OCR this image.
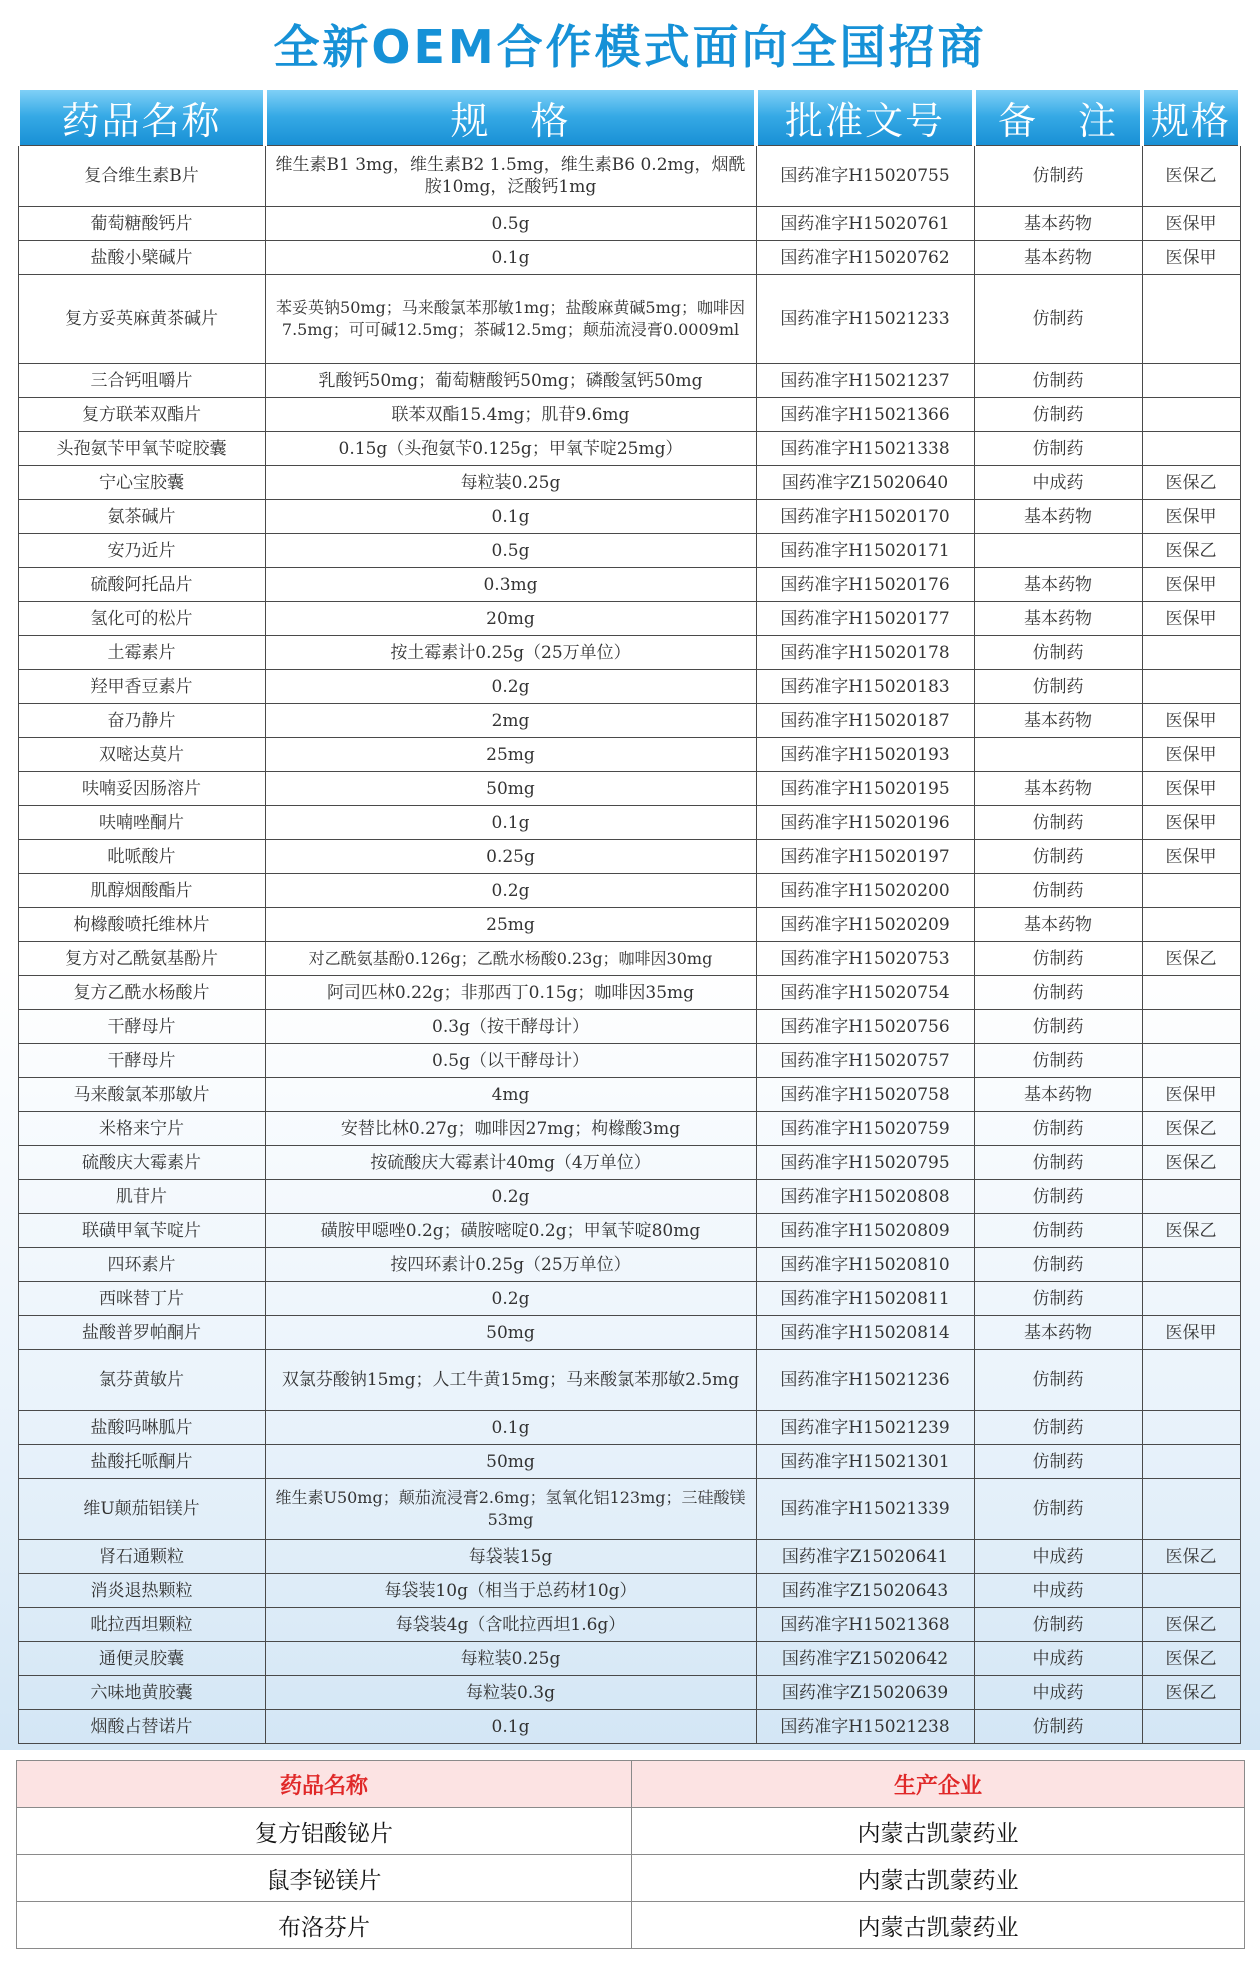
全新OEM合作模式面向全国招商
药品名称	规　格	批准文号	备　注	规格
复合维生素B片	维生素B1 3mg，维生素B2 1.5mg，维生素B6 0.2mg，烟酰胺10mg，泛酸钙1mg	国药准字H15020755	仿制药	医保乙
葡萄糖酸钙片	0.5g	国药准字H15020761	基本药物	医保甲
盐酸小檗碱片	0.1g	国药准字H15020762	基本药物	医保甲
复方妥英麻黄茶碱片	苯妥英钠50mg；马来酸氯苯那敏1mg；盐酸麻黄碱5mg；咖啡因7.5mg；可可碱12.5mg；茶碱12.5mg；颠茄流浸膏0.0009ml	国药准字H15021233	仿制药	
三合钙咀嚼片	乳酸钙50mg；葡萄糖酸钙50mg；磷酸氢钙50mg	国药准字H15021237	仿制药	
复方联苯双酯片	联苯双酯15.4mg；肌苷9.6mg	国药准字H15021366	仿制药	
头孢氨苄甲氧苄啶胶囊	0.15g（头孢氨苄0.125g；甲氧苄啶25mg）	国药准字H15021338	仿制药	
宁心宝胶囊	每粒装0.25g	国药准字Z15020640	中成药	医保乙
氨茶碱片	0.1g	国药准字H15020170	基本药物	医保甲
安乃近片	0.5g	国药准字H15020171		医保乙
硫酸阿托品片	0.3mg	国药准字H15020176	基本药物	医保甲
氢化可的松片	20mg	国药准字H15020177	基本药物	医保甲
土霉素片	按土霉素计0.25g（25万单位）	国药准字H15020178	仿制药	
羟甲香豆素片	0.2g	国药准字H15020183	仿制药	
奋乃静片	2mg	国药准字H15020187	基本药物	医保甲
双嘧达莫片	25mg	国药准字H15020193		医保甲
呋喃妥因肠溶片	50mg	国药准字H15020195	基本药物	医保甲
呋喃唑酮片	0.1g	国药准字H15020196	仿制药	医保甲
吡哌酸片	0.25g	国药准字H15020197	仿制药	医保甲
肌醇烟酸酯片	0.2g	国药准字H15020200	仿制药	
枸橼酸喷托维林片	25mg	国药准字H15020209	基本药物	
复方对乙酰氨基酚片	对乙酰氨基酚0.126g；乙酰水杨酸0.23g；咖啡因30mg	国药准字H15020753	仿制药	医保乙
复方乙酰水杨酸片	阿司匹林0.22g；非那西丁0.15g；咖啡因35mg	国药准字H15020754	仿制药	
干酵母片	0.3g（按干酵母计）	国药准字H15020756	仿制药	
干酵母片	0.5g（以干酵母计）	国药准字H15020757	仿制药	
马来酸氯苯那敏片	4mg	国药准字H15020758	基本药物	医保甲
米格来宁片	安替比林0.27g；咖啡因27mg；枸橼酸3mg	国药准字H15020759	仿制药	医保乙
硫酸庆大霉素片	按硫酸庆大霉素计40mg（4万单位）	国药准字H15020795	仿制药	医保乙
肌苷片	0.2g	国药准字H15020808	仿制药	
联磺甲氧苄啶片	磺胺甲噁唑0.2g；磺胺嘧啶0.2g；甲氧苄啶80mg	国药准字H15020809	仿制药	医保乙
四环素片	按四环素计0.25g（25万单位）	国药准字H15020810	仿制药	
西咪替丁片	0.2g	国药准字H15020811	仿制药	
盐酸普罗帕酮片	50mg	国药准字H15020814	基本药物	医保甲
氯芬黄敏片	双氯芬酸钠15mg；人工牛黄15mg；马来酸氯苯那敏2.5mg	国药准字H15021236	仿制药	
盐酸吗啉胍片	0.1g	国药准字H15021239	仿制药	
盐酸托哌酮片	50mg	国药准字H15021301	仿制药	
维U颠茄铝镁片	维生素U50mg；颠茄流浸膏2.6mg；氢氧化铝123mg；三硅酸镁53mg	国药准字H15021339	仿制药	
肾石通颗粒	每袋装15g	国药准字Z15020641	中成药	医保乙
消炎退热颗粒	每袋装10g（相当于总药材10g）	国药准字Z15020643	中成药	
吡拉西坦颗粒	每袋装4g（含吡拉西坦1.6g）	国药准字H15021368	仿制药	医保乙
通便灵胶囊	每粒装0.25g	国药准字Z15020642	中成药	医保乙
六味地黄胶囊	每粒装0.3g	国药准字Z15020639	中成药	医保乙
烟酸占替诺片	0.1g	国药准字H15021238	仿制药	
药品名称	生产企业
复方铝酸铋片	内蒙古凯蒙药业
鼠李铋镁片	内蒙古凯蒙药业
布洛芬片	内蒙古凯蒙药业
